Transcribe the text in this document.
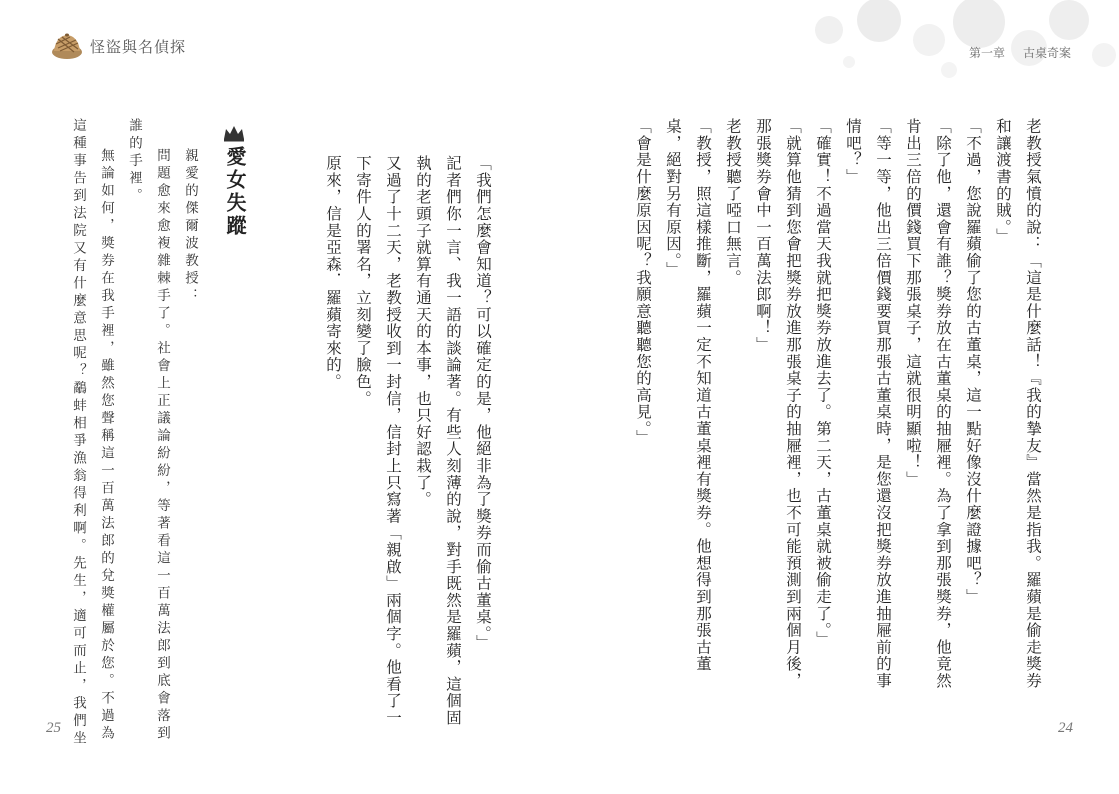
怪盜與名偵探	第一章 古桌奇案
老教授氣憤的說：「這是什麼話！『我的摯友』當然是指我。羅蘋是偷走獎券
和讓渡書的賊。」
「不過，您說羅蘋偷了您的古董桌，這一點好像沒什麼證據吧？」
「除了他，還會有誰？獎券放在古董桌的抽屜裡。為了拿到那張獎券，他竟然
肯出三倍的價錢買下那張桌子，這就很明顯啦！」
「等一等，他出三倍價錢要買那張古董桌時，是您還沒把獎券放進抽屜前的事
情吧？」
「確實！不過當天我就把獎券放進去了。第二天，古董桌就被偷走了。」
「就算他猜到您會把獎券放進那張桌子的抽屜裡，也不可能預測到兩個月後，
那張獎券會中一百萬法郎啊！」
老教授聽了啞口無言。
「教授，照這樣推斷，羅蘋一定不知道古董桌裡有獎券。他想得到那張古董
桌，絕對另有原因。」
「會是什麼原因呢？我願意聽聽您的高見。」
「我們怎麼會知道？可以確定的是，他絕非為了獎券而偷古董桌。」
記者們你一言、我一語的談論著。有些人刻薄的說，對手既然是羅蘋，這個固
執的老頭子就算有通天的本事，也只好認栽了。
又過了十二天，老教授收到一封信，信封上只寫著「親啟」兩個字。他看了一
下寄件人的署名，立刻變了臉色。
原來，信是亞森．羅蘋寄來的。
愛女失蹤
親愛的傑爾波教授：
問題愈來愈複雜棘手了。社會上正議論紛紛，等著看這一百萬法郎到底會落到
誰的手裡。
無論如何，獎券在我手裡，雖然您聲稱這一百萬法郎的兌獎權屬於您。不過為
這種事告到法院又有什麼意思呢？鷸蚌相爭漁翁得利啊。先生，適可而止，我們坐
25	24
